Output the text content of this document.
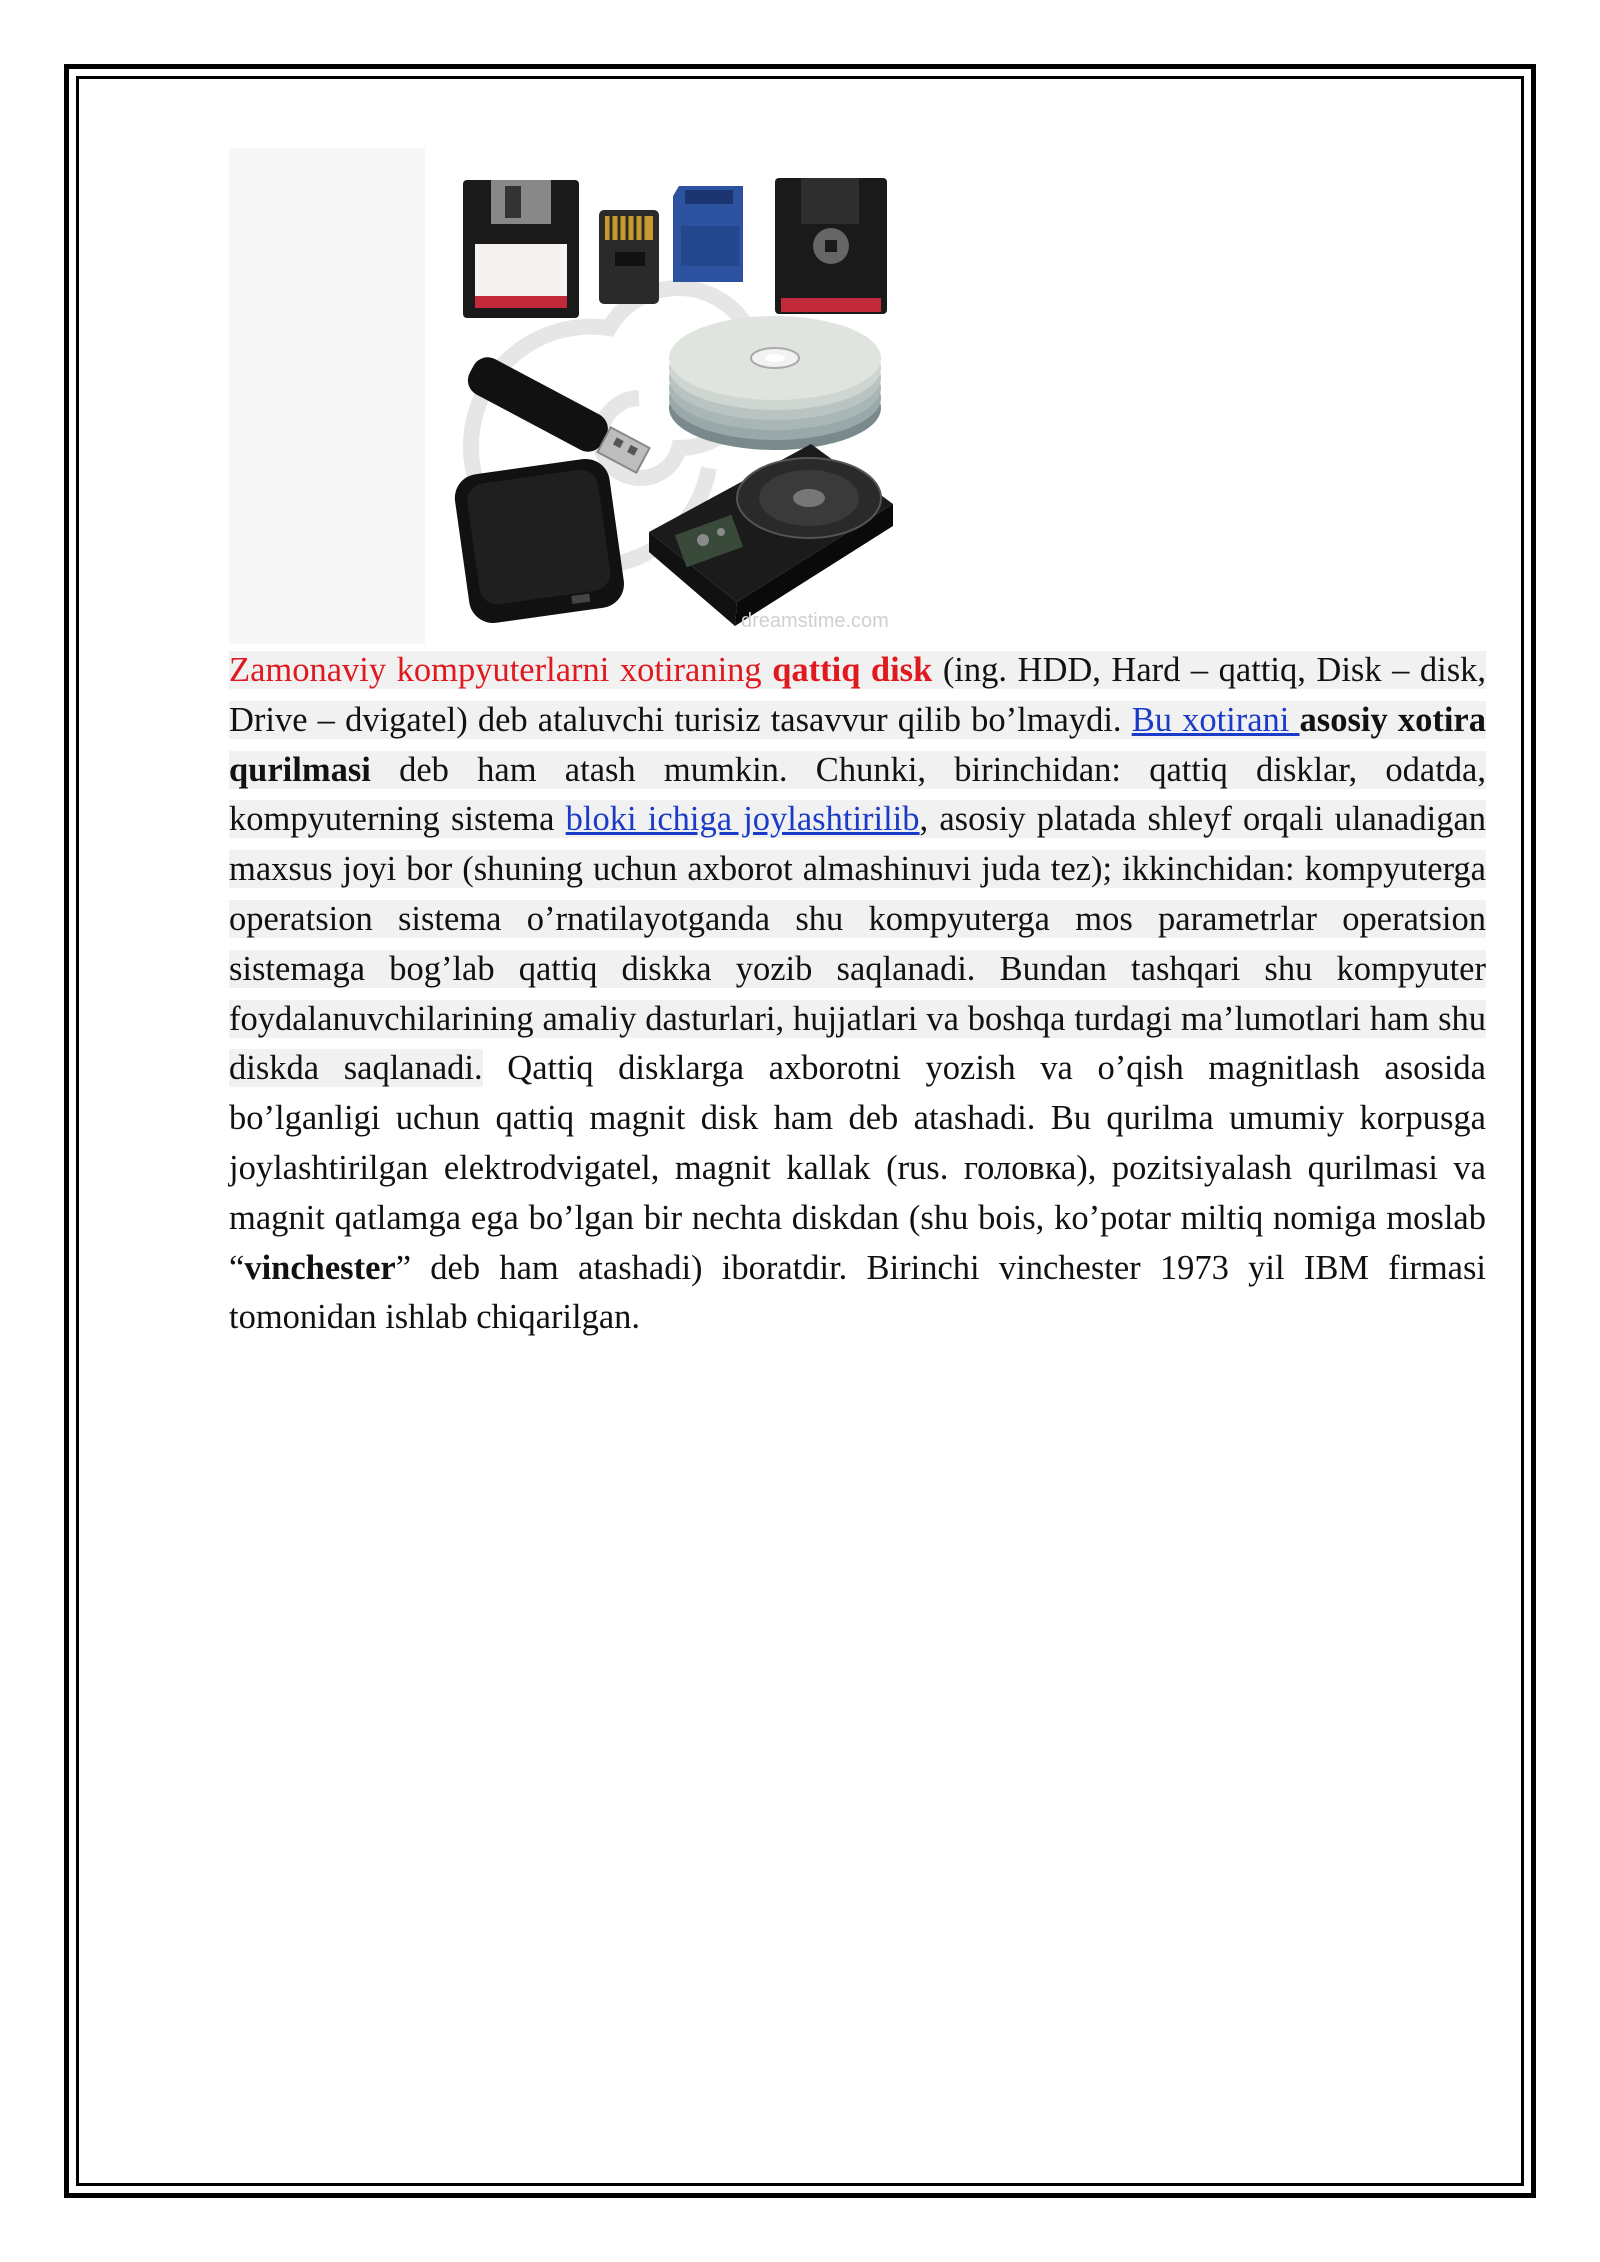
dreamstime.com
Zamonaviy kompyuterlarni xotiraning qattiq disk (ing. HDD, Hard – qattiq, Disk – disk, Drive – dvigatel) deb ataluvchi turisiz tasavvur qilib bo’lmaydi. Bu xotirani asosiy xotira qurilmasi deb ham atash mumkin. Chunki, birinchidan: qattiq disklar, odatda, kompyuterning sistema bloki ichiga joylashtirilib, asosiy platada shleyf orqali ulanadigan maxsus joyi bor (shuning uchun axborot almashinuvi juda tez); ikkinchidan: kompyuterga operatsion sistema o’rnatilayotganda shu kompyuterga mos parametrlar operatsion sistemaga bog’lab qattiq diskka yozib saqlanadi. Bundan tashqari shu kompyuter foydalanuvchilarining amaliy dasturlari, hujjatlari va boshqa turdagi ma’lumotlari ham shu diskda saqlanadi. Qattiq disklarga axborotni yozish va o’qish magnitlash asosida bo’lganligi uchun qattiq magnit disk ham deb atashadi. Bu qurilma umumiy korpusga joylashtirilgan elektrodvigatel, magnit kallak (rus. головка), pozitsiyalash qurilmasi va magnit qatlamga ega bo’lgan bir nechta diskdan (shu bois, ko’potar miltiq nomiga moslab “vinchester” deb ham atashadi) iboratdir. Birinchi vinchester 1973 yil IBM firmasi tomonidan ishlab chiqarilgan.
